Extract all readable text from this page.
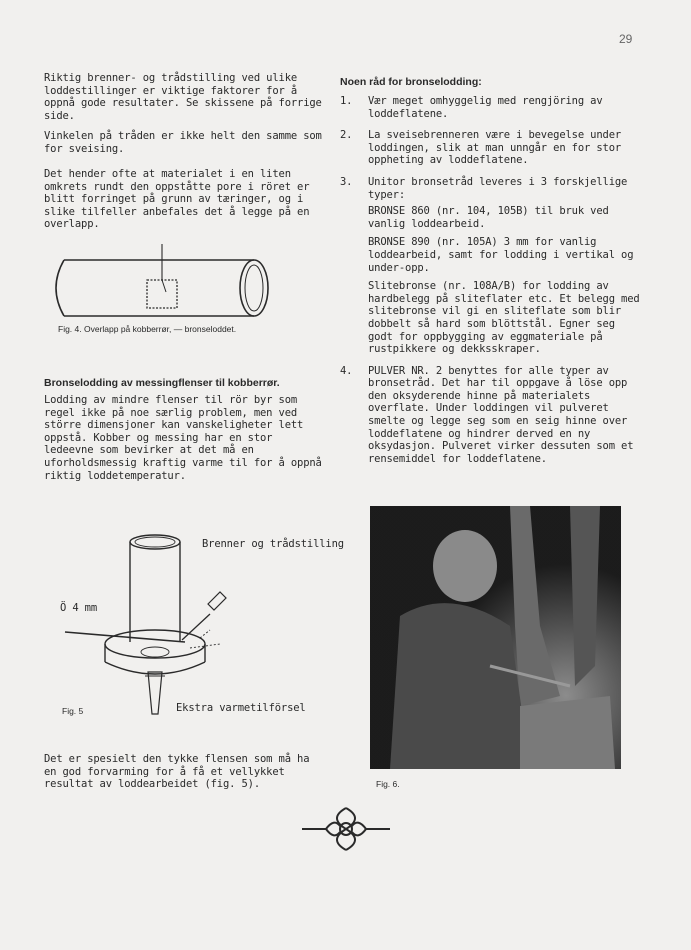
29

Riktig brenner- og trådstilling ved ulike loddestillinger er viktige faktorer for å oppnå gode resultater. Se skissene på forrige side.

Vinkelen på tråden er ikke helt den samme som for sveising.

Det hender ofte at materialet i en liten omkrets rundt den oppståtte pore i röret er blitt forringet på grunn av tæringer, og i slike tilfeller anbefales det å legge på en overlapp.

Fig. 4. Overlapp på kobberrør, — bronseloddet.
Bronselodding av messingflenser til kobberrør.

Lodding av mindre flenser til rör byr som regel ikke på noe særlig problem, men ved större dimensjoner kan vanskeligheter lett oppstå. Kobber og messing har en stor ledeevne som bevirker at det må en uforholdsmessig kraftig varme til for å oppnå riktig loddetemperatur.

Brenner og trådstilling
Ö 4 mm
Ekstra varmetilförsel
Fig. 5

Det er spesielt den tykke flensen som må ha en god forvarming for å få et vellykket resultat av loddearbeidet (fig. 5).

Noen råd for bronselodding:
1. Vær meget omhyggelig med rengjöring av loddeflatene.
2. La sveisebrenneren være i bevegelse under loddingen, slik at man unngår en for stor oppheting av loddeflatene.
3. Unitor bronsetråd leveres i 3 forskjellige typer:

BRONSE 860 (nr. 104, 105B) til bruk ved vanlig loddearbeid.

BRONSE 890 (nr. 105A) 3 mm for vanlig loddearbeid, samt for lodding i vertikal og under-opp.

Slitebronse (nr. 108A/B) for lodding av hardbelegg på sliteflater etc. Et belegg med slitebronse vil gi en sliteflate som blir dobbelt så hard som blöttstål. Egner seg godt for oppbygging av eggmateriale på rustpikkere og dekksskraper.

4. PULVER NR. 2 benyttes for alle typer av bronsetråd. Det har til oppgave å löse opp den oksyderende hinne på materialets overflate. Under loddingen vil pulveret smelte og legge seg som en seig hinne over loddeflatene og hindrer derved en ny oksydasjon. Pulveret virker dessuten som et rensemiddel for loddeflatene.
Fig. 6.
